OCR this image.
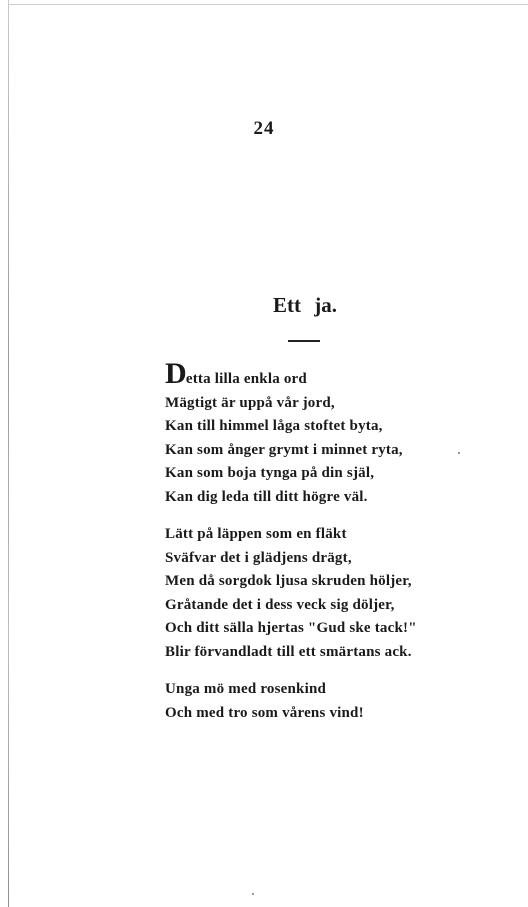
24
Ett ja.
Detta lilla enkla ord
Mägtigt är uppå vår jord,
Kan till himmel låga stoftet byta,
Kan som ånger grymt i minnet ryta,
Kan som boja tynga på din själ,
Kan dig leda till ditt högre väl.
Lätt på läppen som en fläkt
Sväfvar det i glädjens drägt,
Men då sorgdok ljusa skruden höljer,
Gråtande det i dess veck sig döljer,
Och ditt sälla hjertas "Gud ske tack!"
Blir förvandladt till ett smärtans ack.
Unga mö med rosenkind
Och med tro som vårens vind!
